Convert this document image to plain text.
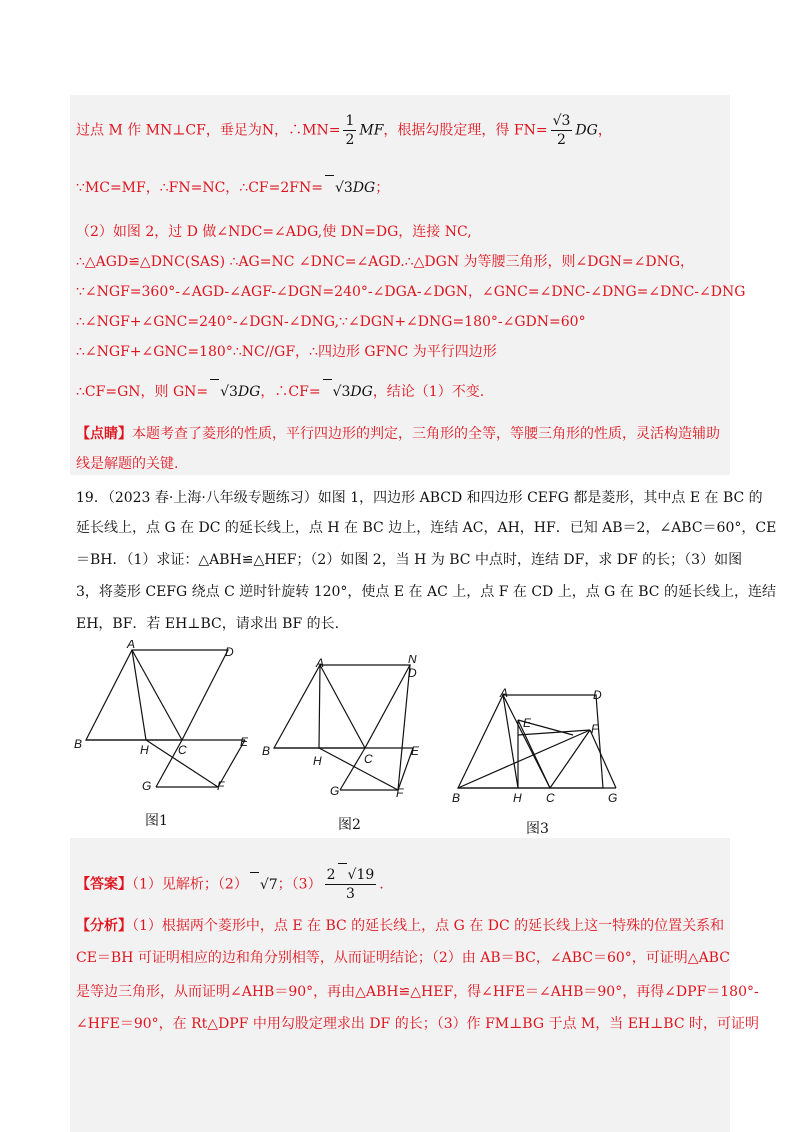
过点 M 作 MN⊥CF，垂足为N，∴MN= $\frac{1}{2}$ MF，根据勾股定理，得 $FN= \frac{√3}{2}$ DG，
∵MC=MF，∴FN=NC，∴CF=2FN= √3DG；
（2）如图 2，过 D 做∠NDC=∠ADG,使 DN=DG，连接 NC,
∴△AGD≌△DNC(SAS) ∴AG=NC ∠DNC=∠AGD.∴△DGN 为等腰三角形，则∠DGN=∠DNG，
∵∠NGF=360°-∠AGD-∠AGF-∠DGN=240°-∠DGA-∠DGN，∠GNC=∠DNC-∠DNG=∠DNC-∠DNG
∴∠NGF+∠GNC=240°-∠DGN-∠DNG,∵∠DGN+∠DNG=180°-∠GDN=60°
∴∠NGF+∠GNC=180°∴NC//GF，∴四边形 GFNC 为平行四边形
∴CF=GN，则 GN= √3DG，∴CF= √3DG，结论（1）不变.
【点睛】本题考查了菱形的性质，平行四边形的判定，三角形的全等，等腰三角形的性质，灵活构造辅助
线是解题的关键.
19．（2023 春·上海·八年级专题练习）如图 1，四边形 ABCD 和四边形 CEFG 都是菱形，其中点 E 在 BC 的
延长线上，点 G 在 DC 的延长线上，点 H 在 BC 边上，连结 AC，AH，HF．已知 AB＝2，∠ABC＝60°，CE
＝BH．（1）求证：△ABH≌△HEF；（2）如图 2，当 H 为 BC 中点时，连结 DF，求 DF 的长；（3）如图
3，将菱形 CEFG 绕点 C 逆时针旋转 120°，使点 E 在 AC 上，点 F 在 CD 上，点 G 在 BC 的延长线上，连结
EH，BF．若 EH⊥BC，请求出 BF 的长.
A
D
B	H C
E
G	F
图1
A	N
D
B
H	C
E
G	F
图2
A	D
E	F
B	H C	G
图3
【答案】（1）见解析；（2） √7；$(3) \frac{2 √19}{3}$ .
【分析】（1）根据两个菱形中，点 E 在 BC 的延长线上，点 G 在 DC 的延长线上这一特殊的位置关系和
CE＝BH 可证明相应的边和角分别相等，从而证明结论；（2）由 AB＝BC，∠ABC＝60°，可证明△ABC
是等边三角形，从而证明∠AHB＝90°，再由△ABH≌△HEF，得∠HFE＝∠AHB＝90°，再得∠DPF＝180°-
∠HFE＝90°，在 Rt△DPF 中用勾股定理求出 DF 的长；（3）作 FM⊥BG 于点 M，当 EH⊥BC 时，可证明
